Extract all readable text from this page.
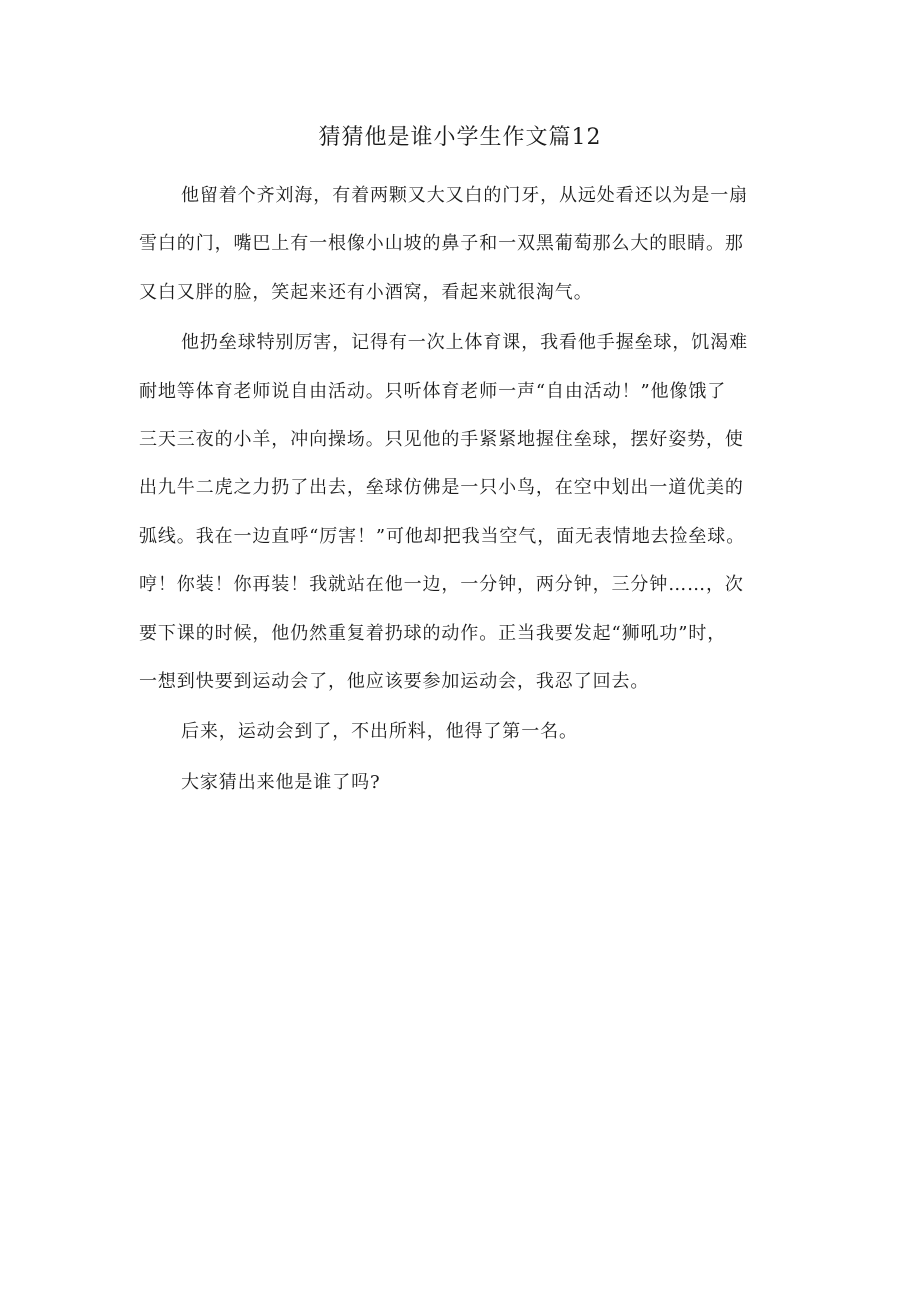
猜猜他是谁小学生作文篇12

他留着个齐刘海，有着两颗又大又白的门牙，从远处看还以为是一扇
雪白的门，嘴巴上有一根像小山坡的鼻子和一双黑葡萄那么大的眼睛。那
又白又胖的脸，笑起来还有小酒窝，看起来就很淘气。

他扔垒球特别厉害，记得有一次上体育课，我看他手握垒球，饥渴难
耐地等体育老师说自由活动。只听体育老师一声“自由活动！”他像饿了
三天三夜的小羊，冲向操场。只见他的手紧紧地握住垒球，摆好姿势，使
出九牛二虎之力扔了出去，垒球仿佛是一只小鸟，在空中划出一道优美的
弧线。我在一边直呼“厉害！”可他却把我当空气，面无表情地去捡垒球。
哼！你装！你再装！我就站在他一边，一分钟，两分钟，三分钟……，次
要下课的时候，他仍然重复着扔球的动作。正当我要发起“狮吼功”时，
一想到快要到运动会了，他应该要参加运动会，我忍了回去。

后来，运动会到了，不出所料，他得了第一名。

大家猜出来他是谁了吗?
